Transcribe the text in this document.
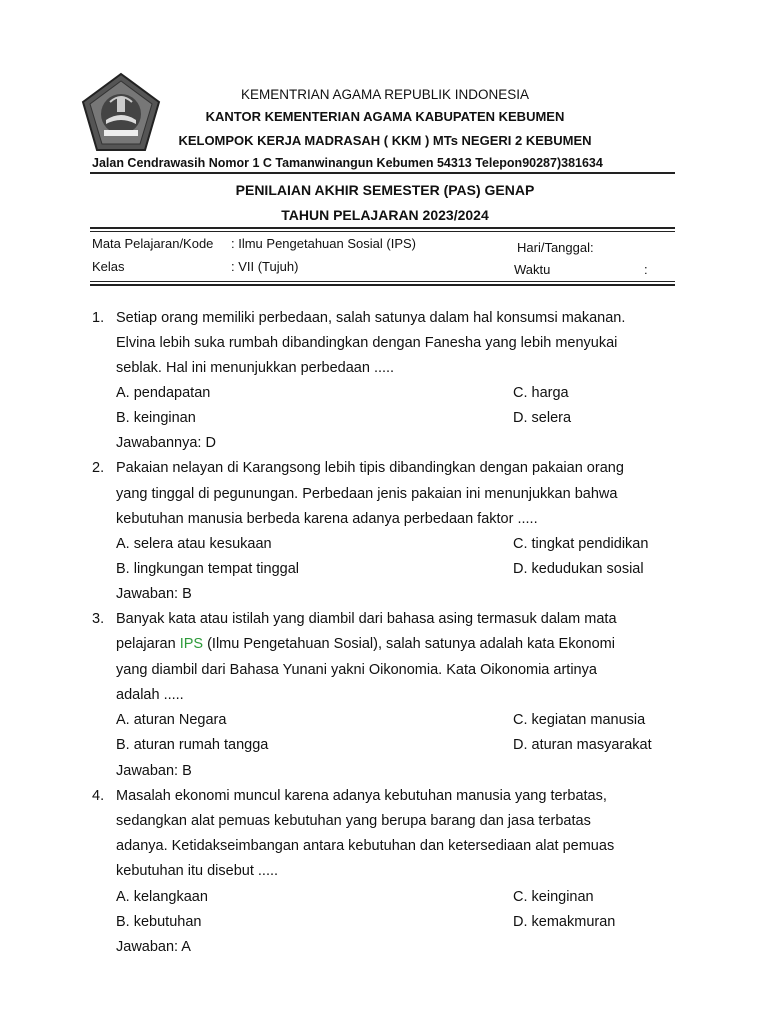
KEMENTRIAN AGAMA REPUBLIK INDONESIA
KANTOR KEMENTERIAN AGAMA KABUPATEN KEBUMEN
KELOMPOK KERJA MADRASAH ( KKM ) MTs NEGERI 2 KEBUMEN
Jalan Cendrawasih Nomor 1 C Tamanwinangun Kebumen 54313 Telepon90287)381634
PENILAIAN AKHIR SEMESTER (PAS) GENAP
TAHUN PELAJARAN 2023/2024
Mata Pelajaran/Kode : Ilmu Pengetahuan Sosial (IPS)	Hari/Tanggal:
Kelas	: VII (Tujuh)	Waktu	:
1. Setiap orang memiliki perbedaan, salah satunya dalam hal konsumsi makanan.
Elvina lebih suka rumbah dibandingkan dengan Fanesha yang lebih menyukai
seblak. Hal ini menunjukkan perbedaan .....
A. pendapatan	C. harga
B. keinginan	D. selera
Jawabannya: D
2. Pakaian nelayan di Karangsong lebih tipis dibandingkan dengan pakaian orang
yang tinggal di pegunungan. Perbedaan jenis pakaian ini menunjukkan bahwa
kebutuhan manusia berbeda karena adanya perbedaan faktor .....
A. selera atau kesukaan	C. tingkat pendidikan
B. lingkungan tempat tinggal	D. kedudukan sosial
Jawaban: B
3. Banyak kata atau istilah yang diambil dari bahasa asing termasuk dalam mata
pelajaran IPS (Ilmu Pengetahuan Sosial), salah satunya adalah kata Ekonomi
yang diambil dari Bahasa Yunani yakni Oikonomia. Kata Oikonomia artinya
adalah .....
A. aturan Negara	C. kegiatan manusia
B. aturan rumah tangga	D. aturan masyarakat
Jawaban: B
4. Masalah ekonomi muncul karena adanya kebutuhan manusia yang terbatas,
sedangkan alat pemuas kebutuhan yang berupa barang dan jasa terbatas
adanya. Ketidakseimbangan antara kebutuhan dan ketersediaan alat pemuas
kebutuhan itu disebut .....
A. kelangkaan	C. keinginan
B. kebutuhan	D. kemakmuran
Jawaban: A
